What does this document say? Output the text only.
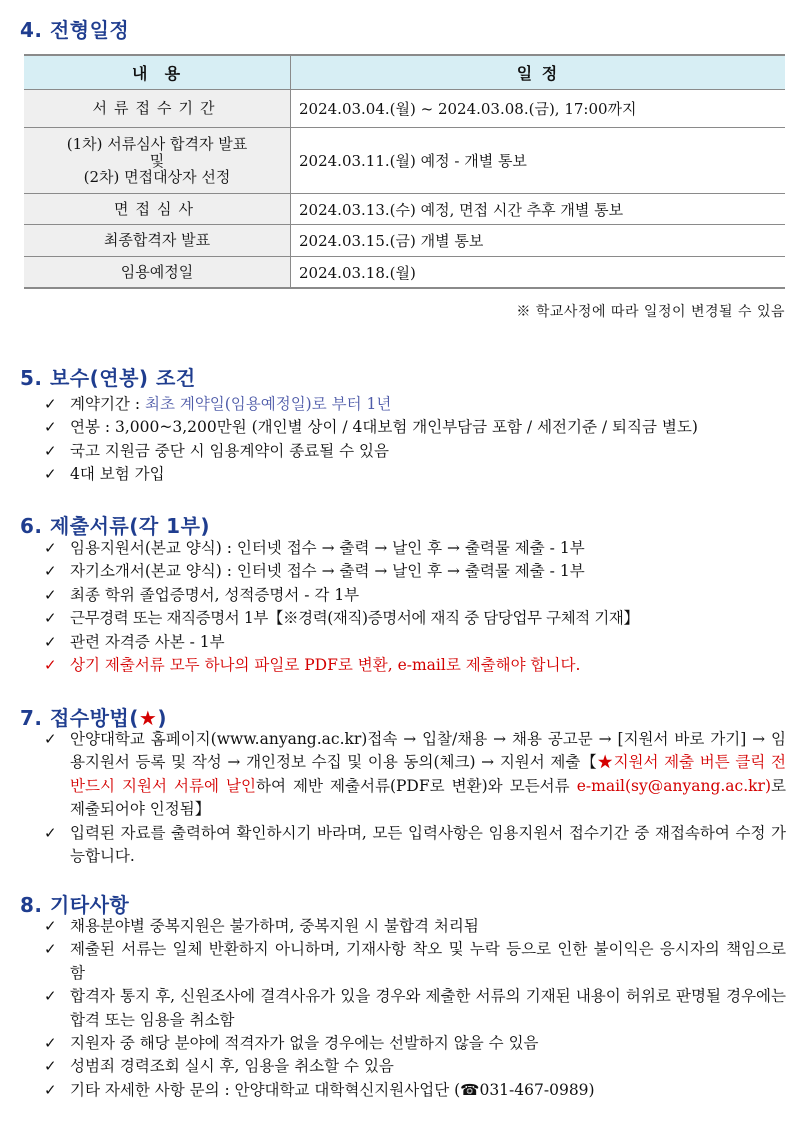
4. 전형일정
내  용	일 정
서류접수기간	2024.03.04.(월) ~ 2024.03.08.(금), 17:00까지

(1차) 서류심사 합격자 발표
및
(2차) 면접대상자 선정	2024.03.11.(월) 예정 - 개별 통보
면접심사	2024.03.13.(수) 예정, 면접 시간 추후 개별 통보
최종합격자 발표	2024.03.15.(금) 개별 통보
임용예정일	2024.03.18.(월)
※ 학교사정에 따라 일정이 변경될 수 있음
5. 보수(연봉) 조건
✓ 계약기간 : 최초 계약일(임용예정일)로 부터 1년
✓ 연봉 : 3,000~3,200만원 (개인별 상이 / 4대보험 개인부담금 포함 / 세전기준 / 퇴직금 별도)
✓ 국고 지원금 중단 시 임용계약이 종료될 수 있음
✓ 4대 보험 가입
6. 제출서류(각 1부)
✓ 임용지원서(본교 양식) : 인터넷 접수 → 출력 → 날인 후 → 출력물 제출 - 1부
✓ 자기소개서(본교 양식) : 인터넷 접수 → 출력 → 날인 후 → 출력물 제출 - 1부
✓ 최종 학위 졸업증명서, 성적증명서 - 각 1부
✓ 근무경력 또는 재직증명서 1부【※경력(재직)증명서에 재직 중 담당업무 구체적 기재】
✓ 관련 자격증 사본 - 1부
✓ 상기 제출서류 모두 하나의 파일로 PDF로 변환, e-mail로 제출해야 합니다.
7. 접수방법(★)
✓ 안양대학교 홈페이지(www.anyang.ac.kr)접속 → 입찰/채용 → 채용 공고문 → [지원서 바로 가기] → 임용지원서 등록 및 작성 → 개인정보 수집 및 이용 동의(체크) → 지원서 제출【★지원서 제출 버튼 클릭 전 반드시 지원서 서류에 날인하여 제반 제출서류(PDF로 변환)와 모든서류 e-mail(sy@anyang.ac.kr)로 제출되어야 인정됨】
✓ 입력된 자료를 출력하여 확인하시기 바라며, 모든 입력사항은 임용지원서 접수기간 중 재접속하여 수정 가능합니다.
8. 기타사항
✓ 채용분야별 중복지원은 불가하며, 중복지원 시 불합격 처리됨
✓ 제출된 서류는 일체 반환하지 아니하며, 기재사항 착오 및 누락 등으로 인한 불이익은 응시자의 책임으로 함
✓ 합격자 통지 후, 신원조사에 결격사유가 있을 경우와 제출한 서류의 기재된 내용이 허위로 판명될 경우에는 합격 또는 임용을 취소함
✓ 지원자 중 해당 분야에 적격자가 없을 경우에는 선발하지 않을 수 있음
✓ 성범죄 경력조회 실시 후, 임용을 취소할 수 있음
✓ 기타 자세한 사항 문의 : 안양대학교 대학혁신지원사업단 (☎031-467-0989)
